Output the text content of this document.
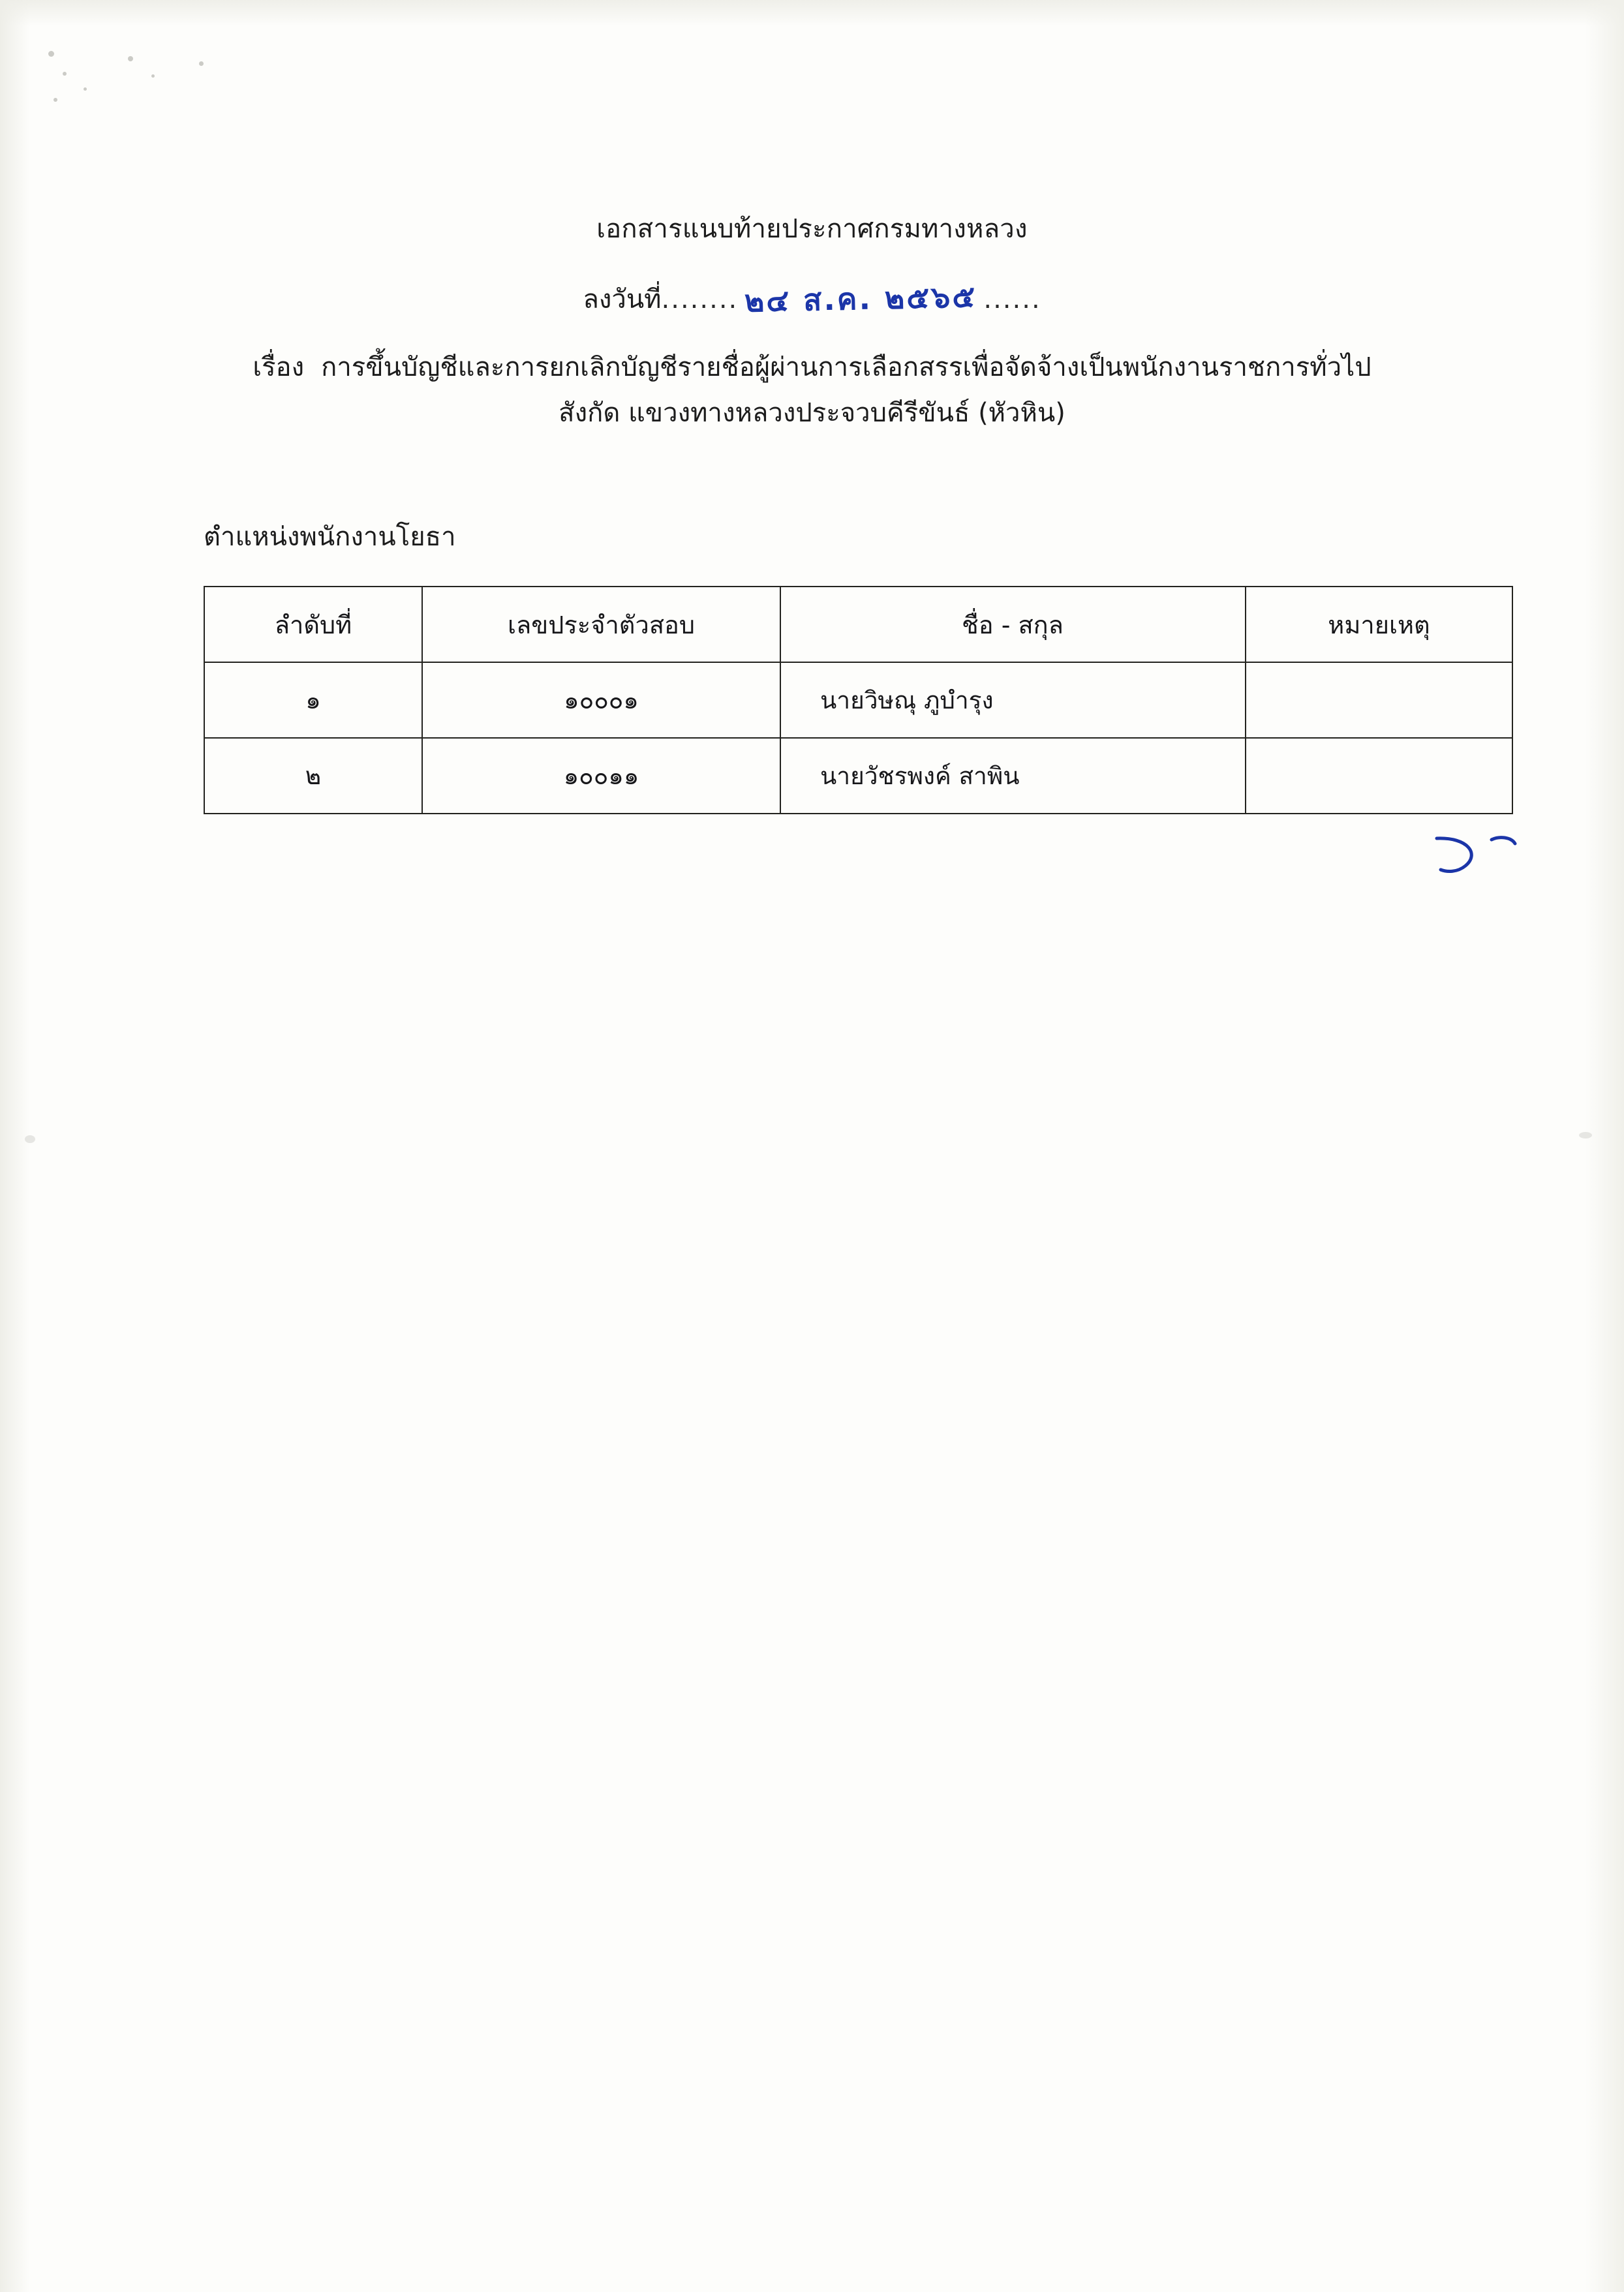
เอกสารแนบท้ายประกาศกรมทางหลวง
ลงวันที่........ ๒๔ ส.ค. ๒๕๖๕ ......
เรื่อง การขึ้นบัญชีและการยกเลิกบัญชีรายชื่อผู้ผ่านการเลือกสรรเพื่อจัดจ้างเป็นพนักงานราชการทั่วไป
สังกัด แขวงทางหลวงประจวบคีรีขันธ์ (หัวหิน)
ตำแหน่งพนักงานโยธา
ลำดับที่	เลขประจำตัวสอบ	ชื่อ - สกุล	หมายเหตุ
๑	๑๐๐๐๑	นายวิษณุ ภูบำรุง	
๒	๑๐๐๑๑	นายวัชรพงค์ สาพิน	
